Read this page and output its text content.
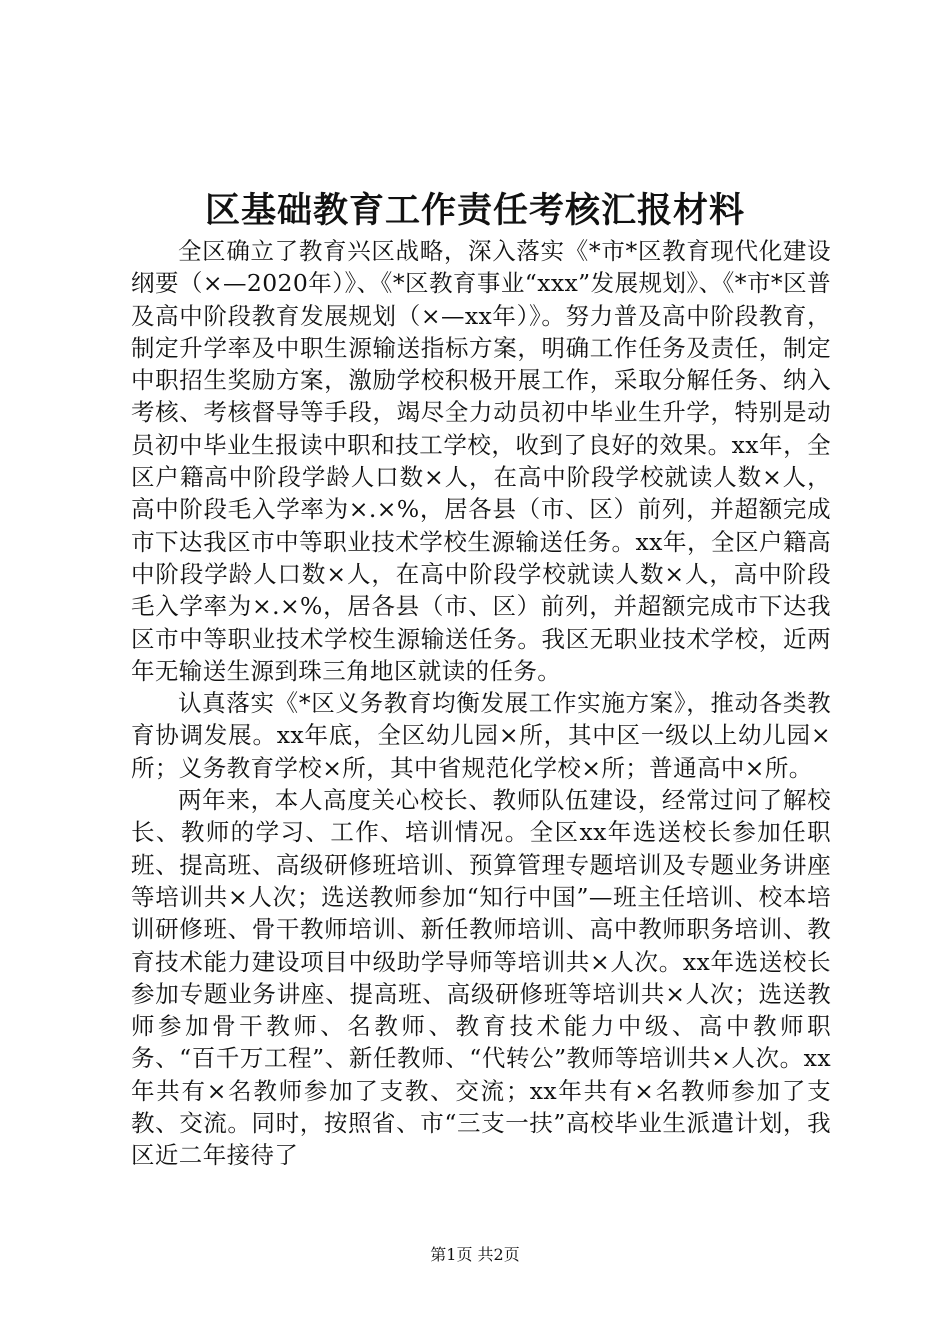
区基础教育工作责任考核汇报材料

全区确立了教育兴区战略，深入落实《*市*区教育现代化建设纲要（×—2020年）》、《*区教育事业“xxx”发展规划》、《*市*区普及高中阶段教育发展规划（×—xx年）》。努力普及高中阶段教育，制定升学率及中职生源输送指标方案，明确工作任务及责任，制定中职招生奖励方案，激励学校积极开展工作，采取分解任务、纳入考核、考核督导等手段，竭尽全力动员初中毕业生升学，特别是动员初中毕业生报读中职和技工学校，收到了良好的效果。xx年，全区户籍高中阶段学龄人口数×人，在高中阶段学校就读人数×人，高中阶段毛入学率为×.×%，居各县（市、区）前列，并超额完成市下达我区市中等职业技术学校生源输送任务。xx年，全区户籍高中阶段学龄人口数×人，在高中阶段学校就读人数×人，高中阶段毛入学率为×.×%，居各县（市、区）前列，并超额完成市下达我区市中等职业技术学校生源输送任务。我区无职业技术学校，近两年无输送生源到珠三角地区就读的任务。

认真落实《*区义务教育均衡发展工作实施方案》，推动各类教育协调发展。xx年底，全区幼儿园×所，其中区一级以上幼儿园×所；义务教育学校×所，其中省规范化学校×所；普通高中×所。

两年来，本人高度关心校长、教师队伍建设，经常过问了解校长、教师的学习、工作、培训情况。全区xx年选送校长参加任职班、提高班、高级研修班培训、预算管理专题培训及专题业务讲座等培训共×人次；选送教师参加“知行中国”—班主任培训、校本培训研修班、骨干教师培训、新任教师培训、高中教师职务培训、教育技术能力建设项目中级助学导师等培训共×人次。xx年选送校长参加专题业务讲座、提高班、高级研修班等培训共×人次；选送教师参加骨干教师、名教师、教育技术能力中级、高中教师职务、“百千万工程”、新任教师、“代转公”教师等培训共×人次。xx年共有×名教师参加了支教、交流；xx年共有×名教师参加了支教、交流。同时，按照省、市“三支一扶”高校毕业生派遣计划，我区近二年接待了

第1页 共2页
